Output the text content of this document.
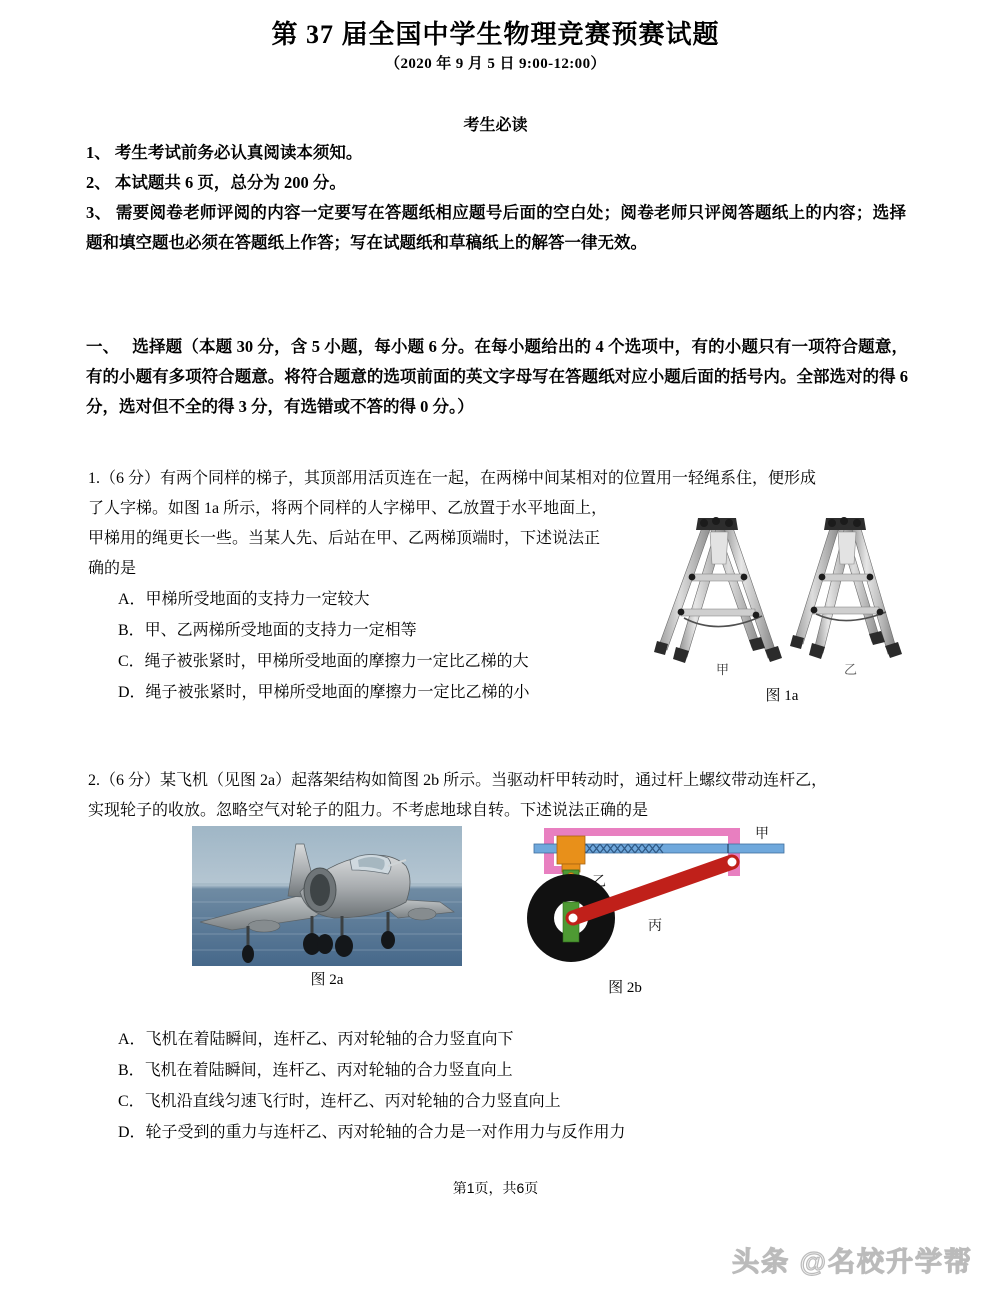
第 37 届全国中学生物理竞赛预赛试题
（2020 年 9 月 5 日 9:00-12:00）
考生必读

1、 考生考试前务必认真阅读本须知。

2、 本试题共 6 页，总分为 200 分。

3、 需要阅卷老师评阅的内容一定要写在答题纸相应题号后面的空白处；阅卷老师只评阅答题纸上的内容；选择题和填空题也必须在答题纸上作答；写在试题纸和草稿纸上的解答一律无效。

一、 选择题（本题 30 分，含 5 小题，每小题 6 分。在每小题给出的 4 个选项中，有的小题只有一项符合题意，有的小题有多项符合题意。将符合题意的选项前面的英文字母写在答题纸对应小题后面的括号内。全部选对的得 6 分，选对但不全的得 3 分，有选错或不答的得 0 分。）

1.（6 分）有两个同样的梯子，其顶部用活页连在一起，在两梯中间某相对的位置用一轻绳系住，便形成

了人字梯。如图 1a 所示，将两个同样的人字梯甲、乙放置于水平地面上，

甲梯用的绳更长一些。当某人先、后站在甲、乙两梯顶端时，下述说法正

确的是

A．甲梯所受地面的支持力一定较大

B．甲、乙两梯所受地面的支持力一定相等

C．绳子被张紧时，甲梯所受地面的摩擦力一定比乙梯的大

D．绳子被张紧时，甲梯所受地面的摩擦力一定比乙梯的小

甲	乙
图 1a

2.（6 分）某飞机（见图 2a）起落架结构如简图 2b 所示。当驱动杆甲转动时，通过杆上螺纹带动连杆乙，

实现轮子的收放。忽略空气对轮子的阻力。不考虑地球自转。下述说法正确的是

图 2a
甲
乙
丙
图 2b

A．飞机在着陆瞬间，连杆乙、丙对轮轴的合力竖直向下

B．飞机在着陆瞬间，连杆乙、丙对轮轴的合力竖直向上

C．飞机沿直线匀速飞行时，连杆乙、丙对轮轴的合力竖直向上

D．轮子受到的重力与连杆乙、丙对轮轴的合力是一对作用力与反作用力

第1页，共6页
头条 @名校升学帮
